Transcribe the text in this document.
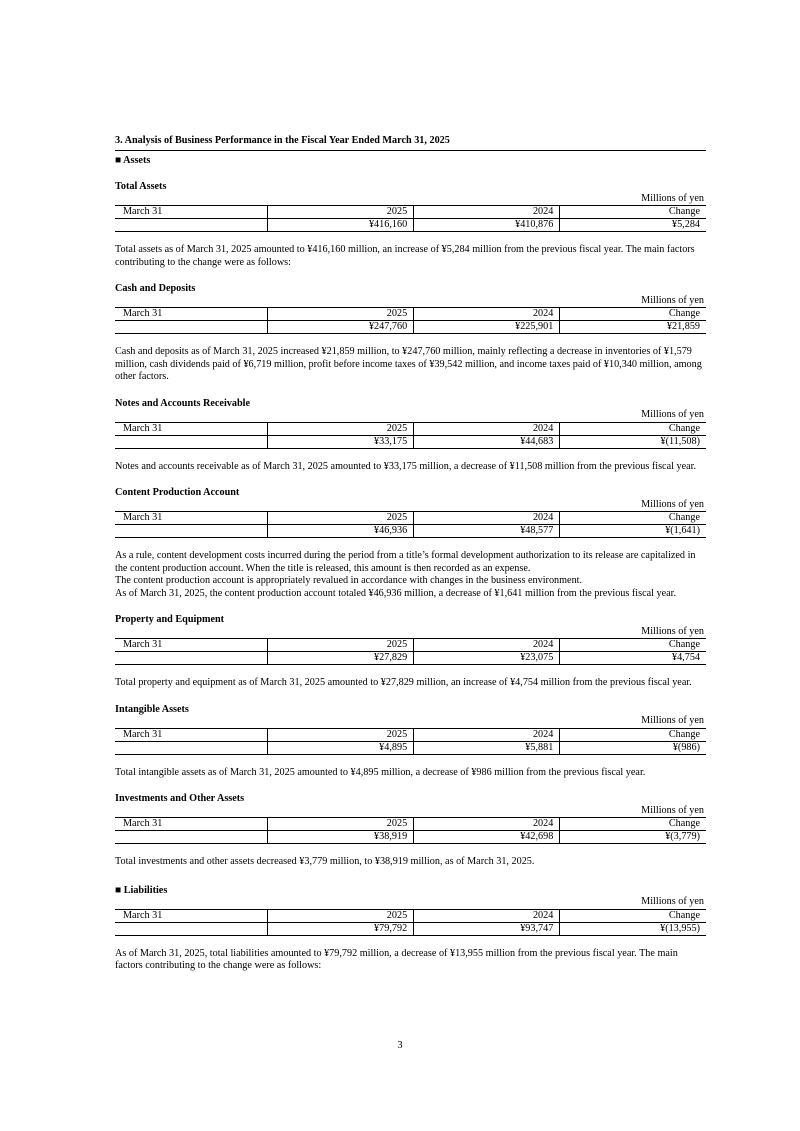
3. Analysis of Business Performance in the Fiscal Year Ended March 31, 2025
■ Assets
Total Assets
Millions of yen
March 31	2025	2024	Change
	¥416,160	¥410,876	¥5,284

Total assets as of March 31, 2025 amounted to ¥416,160 million, an increase of ¥5,284 million from the previous fiscal year. The main factors contributing to the change were as follows:

Cash and Deposits
Millions of yen
March 31	2025	2024	Change
	¥247,760	¥225,901	¥21,859

Cash and deposits as of March 31, 2025 increased ¥21,859 million, to ¥247,760 million, mainly reflecting a decrease in inventories of ¥1,579 million, cash dividends paid of ¥6,719 million, profit before income taxes of ¥39,542 million, and income taxes paid of ¥10,340 million, among other factors.

Notes and Accounts Receivable
Millions of yen
March 31	2025	2024	Change
	¥33,175	¥44,683	¥(11,508)

Notes and accounts receivable as of March 31, 2025 amounted to ¥33,175 million, a decrease of ¥11,508 million from the previous fiscal year.

Content Production Account
Millions of yen
March 31	2025	2024	Change
	¥46,936	¥48,577	¥(1,641)

As a rule, content development costs incurred during the period from a title’s formal development authorization to its release are capitalized in the content production account. When the title is released, this amount is then recorded as an expense.

The content production account is appropriately revalued in accordance with changes in the business environment.

As of March 31, 2025, the content production account totaled ¥46,936 million, a decrease of ¥1,641 million from the previous fiscal year.

Property and Equipment
Millions of yen
March 31	2025	2024	Change
	¥27,829	¥23,075	¥4,754

Total property and equipment as of March 31, 2025 amounted to ¥27,829 million, an increase of ¥4,754 million from the previous fiscal year.

Intangible Assets
Millions of yen
March 31	2025	2024	Change
	¥4,895	¥5,881	¥(986)

Total intangible assets as of March 31, 2025 amounted to ¥4,895 million, a decrease of ¥986 million from the previous fiscal year.

Investments and Other Assets
Millions of yen
March 31	2025	2024	Change
	¥38,919	¥42,698	¥(3,779)

Total investments and other assets decreased ¥3,779 million, to ¥38,919 million, as of March 31, 2025.

■ Liabilities
Millions of yen
March 31	2025	2024	Change
	¥79,792	¥93,747	¥(13,955)

As of March 31, 2025, total liabilities amounted to ¥79,792 million, a decrease of ¥13,955 million from the previous fiscal year. The main factors contributing to the change were as follows:

3
